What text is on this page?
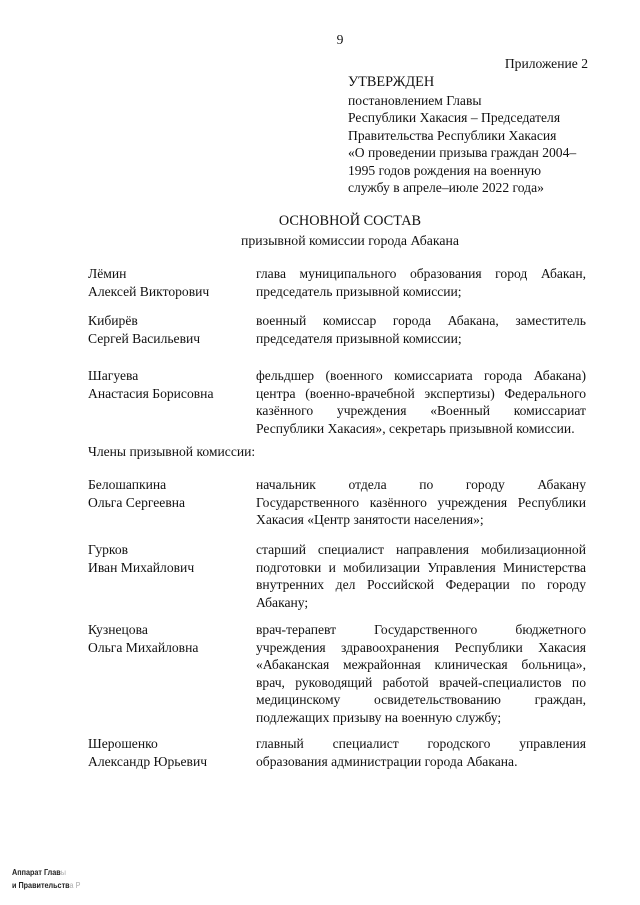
9
Приложение 2
УТВЕРЖДЕН
постановлением Главы
Республики Хакасия – Председателя
Правительства Республики Хакасия
«О проведении призыва граждан 2004–
1995 годов рождения на военную
службу в апреле–июле 2022 года»
ОСНОВНОЙ СОСТАВ
призывной комиссии города Абакана
Лёмин
Алексей Викторович
глава муниципального образования город Абакан,
председатель призывной комиссии;
Кибирёв
Сергей Васильевич
военный комиссар города Абакана, заместитель
председателя призывной комиссии;
Шагуева
Анастасия Борисовна
фельдшер (военного комиссариата города Абакана)
центра (военно-врачебной экспертизы) Федерального
казённого учреждения «Военный комиссариат
Республики Хакасия», секретарь призывной комиссии.
Члены призывной комиссии:
Белошапкина
Ольга Сергеевна
начальник отдела по городу Абакану
Государственного казённого учреждения Республики
Хакасия «Центр занятости населения»;
Гурков
Иван Михайлович
старший специалист направления мобилизационной
подготовки и мобилизации Управления Министерства
внутренних дел Российской Федерации по городу
Абакану;
Кузнецова
Ольга Михайловна
врач-терапевт Государственного бюджетного
учреждения здравоохранения Республики Хакасия
«Абаканская межрайонная клиническая больница»,
врач, руководящий работой врачей-специалистов по
медицинскому освидетельствованию граждан,
подлежащих призыву на военную службу;
Шерошенко
Александр Юрьевич
главный специалист городского управления
образования администрации города Абакана.
Аппарат Главы
и Правительства Р
